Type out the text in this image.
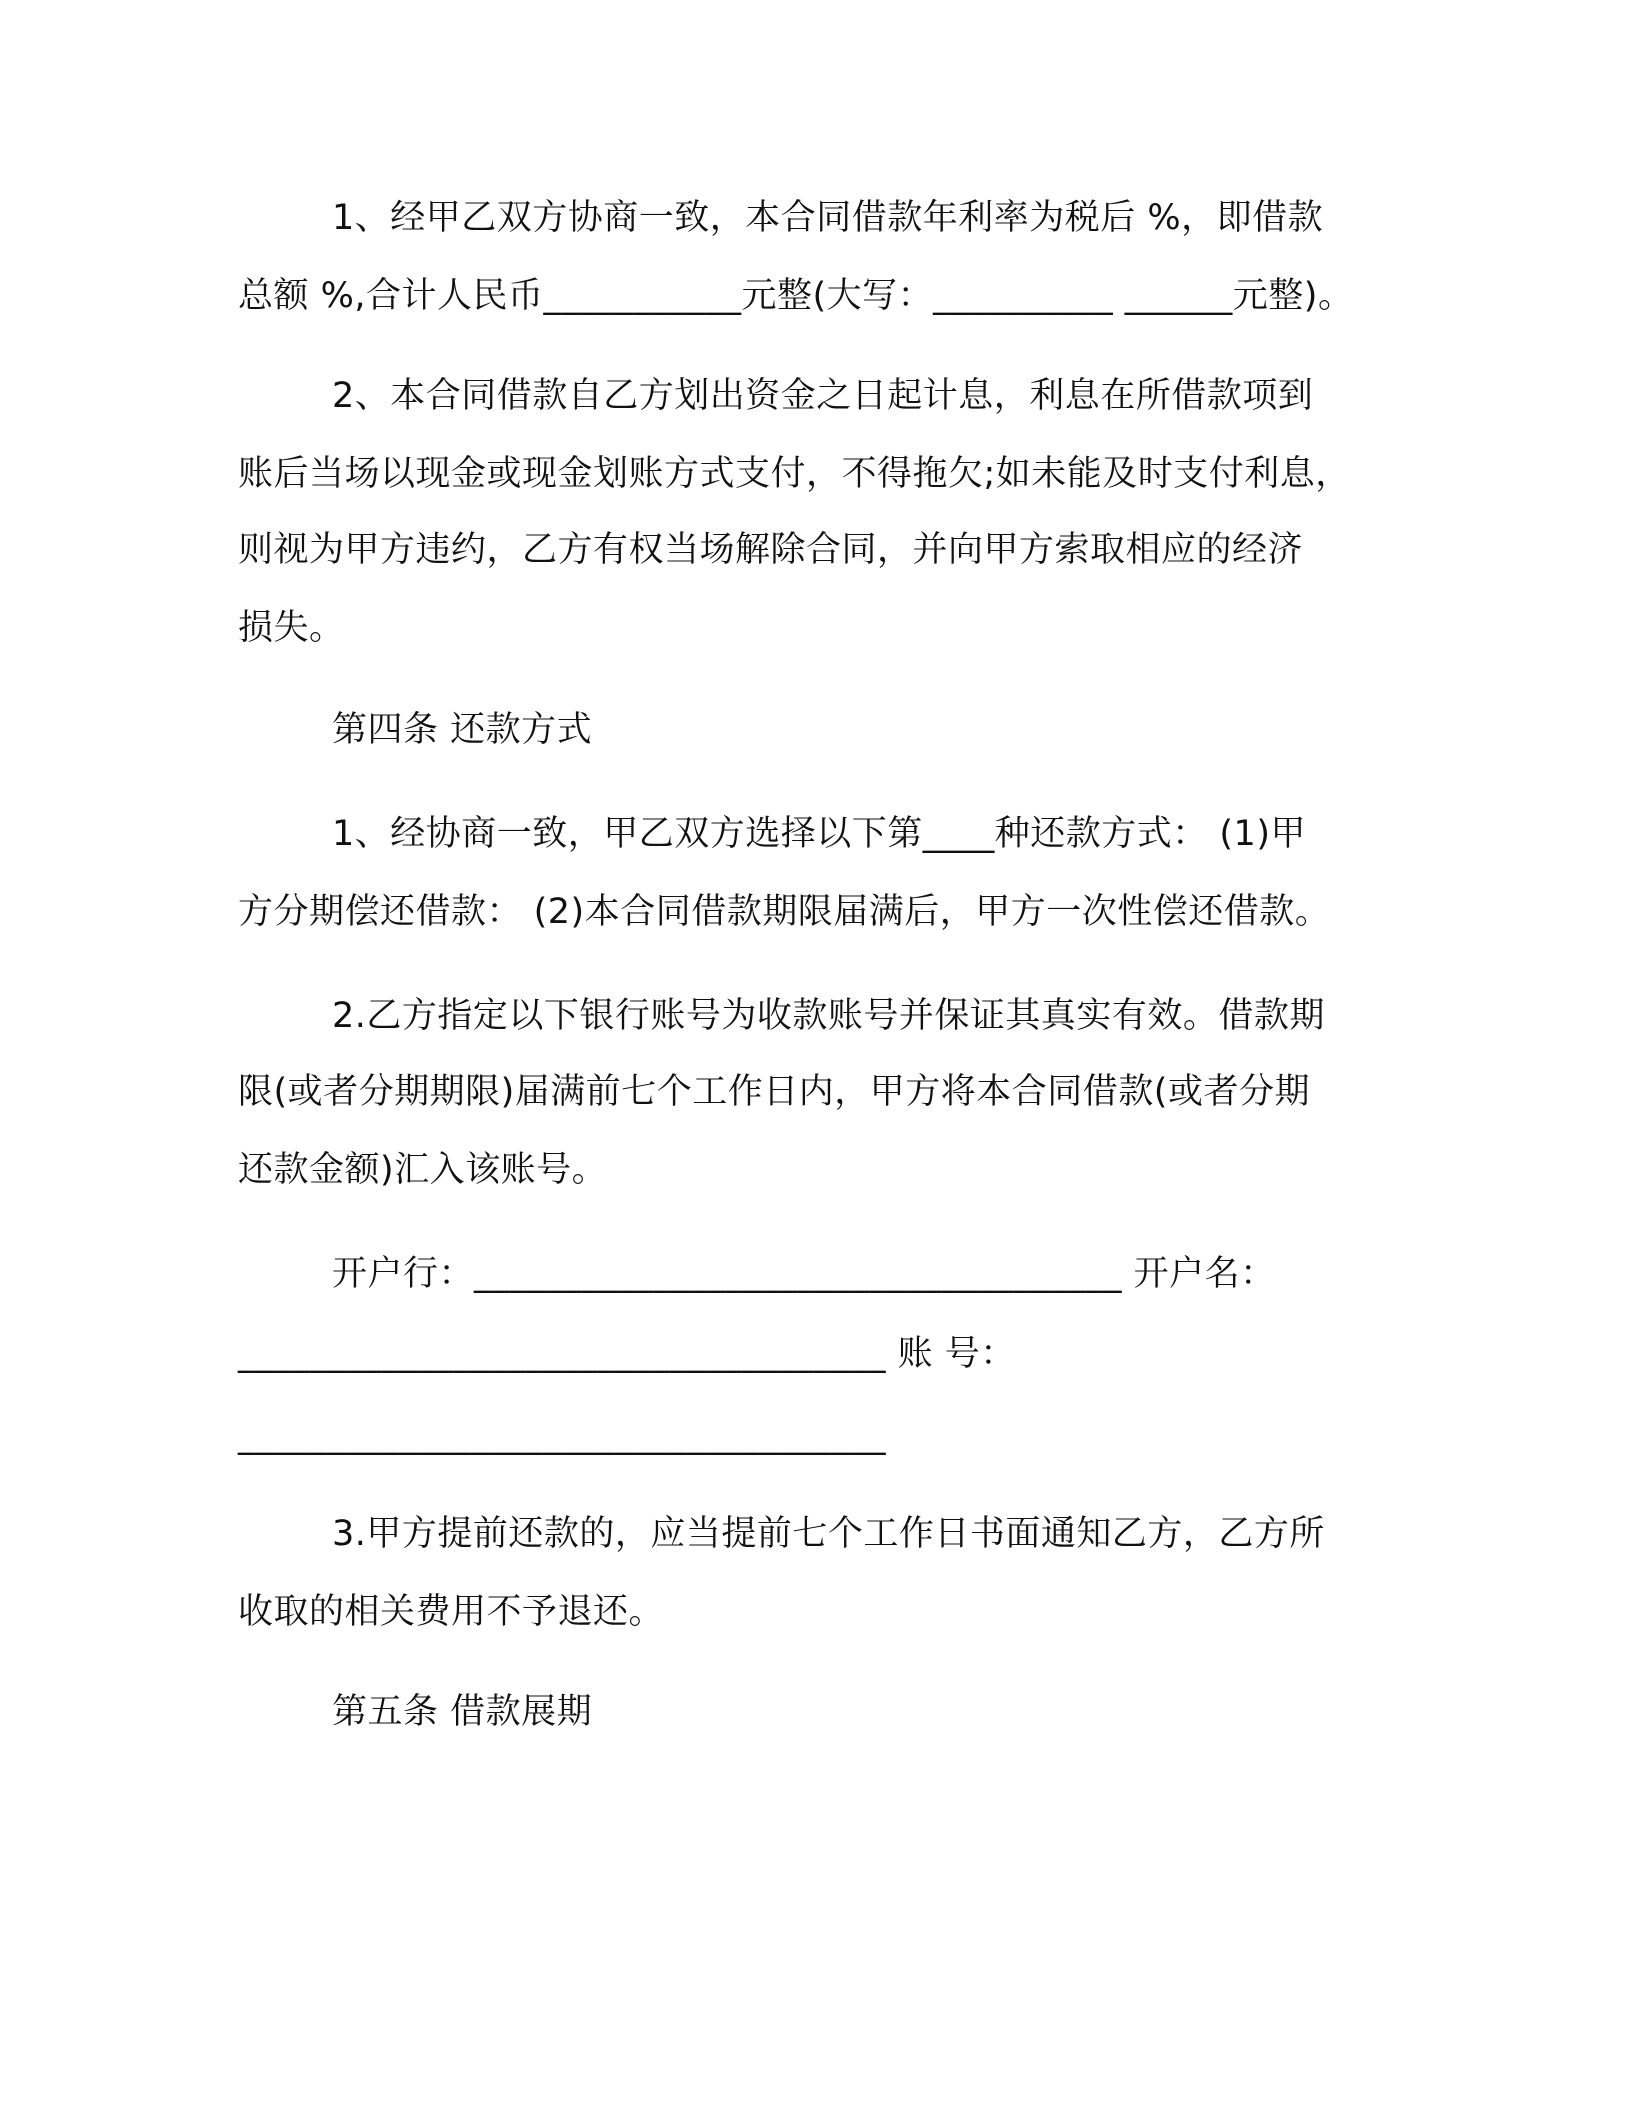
1、经甲乙双方协商一致，本合同借款年利率为税后 %，即借款
总额 %,合计人民币___________元整(大写：__________ ______元整)。
2、本合同借款自乙方划出资金之日起计息，利息在所借款项到
账后当场以现金或现金划账方式支付，不得拖欠;如未能及时支付利息，
则视为甲方违约，乙方有权当场解除合同，并向甲方索取相应的经济
损失。
第四条 还款方式
1、经协商一致，甲乙双方选择以下第____种还款方式： (1)甲
方分期偿还借款： (2)本合同借款期限届满后，甲方一次性偿还借款。
2.乙方指定以下银行账号为收款账号并保证其真实有效。借款期
限(或者分期期限)届满前七个工作日内，甲方将本合同借款(或者分期
还款金额)汇入该账号。
开户行：____________________________________ 开户名：
____________________________________ 账 号：
____________________________________
3.甲方提前还款的，应当提前七个工作日书面通知乙方，乙方所
收取的相关费用不予退还。
第五条 借款展期
